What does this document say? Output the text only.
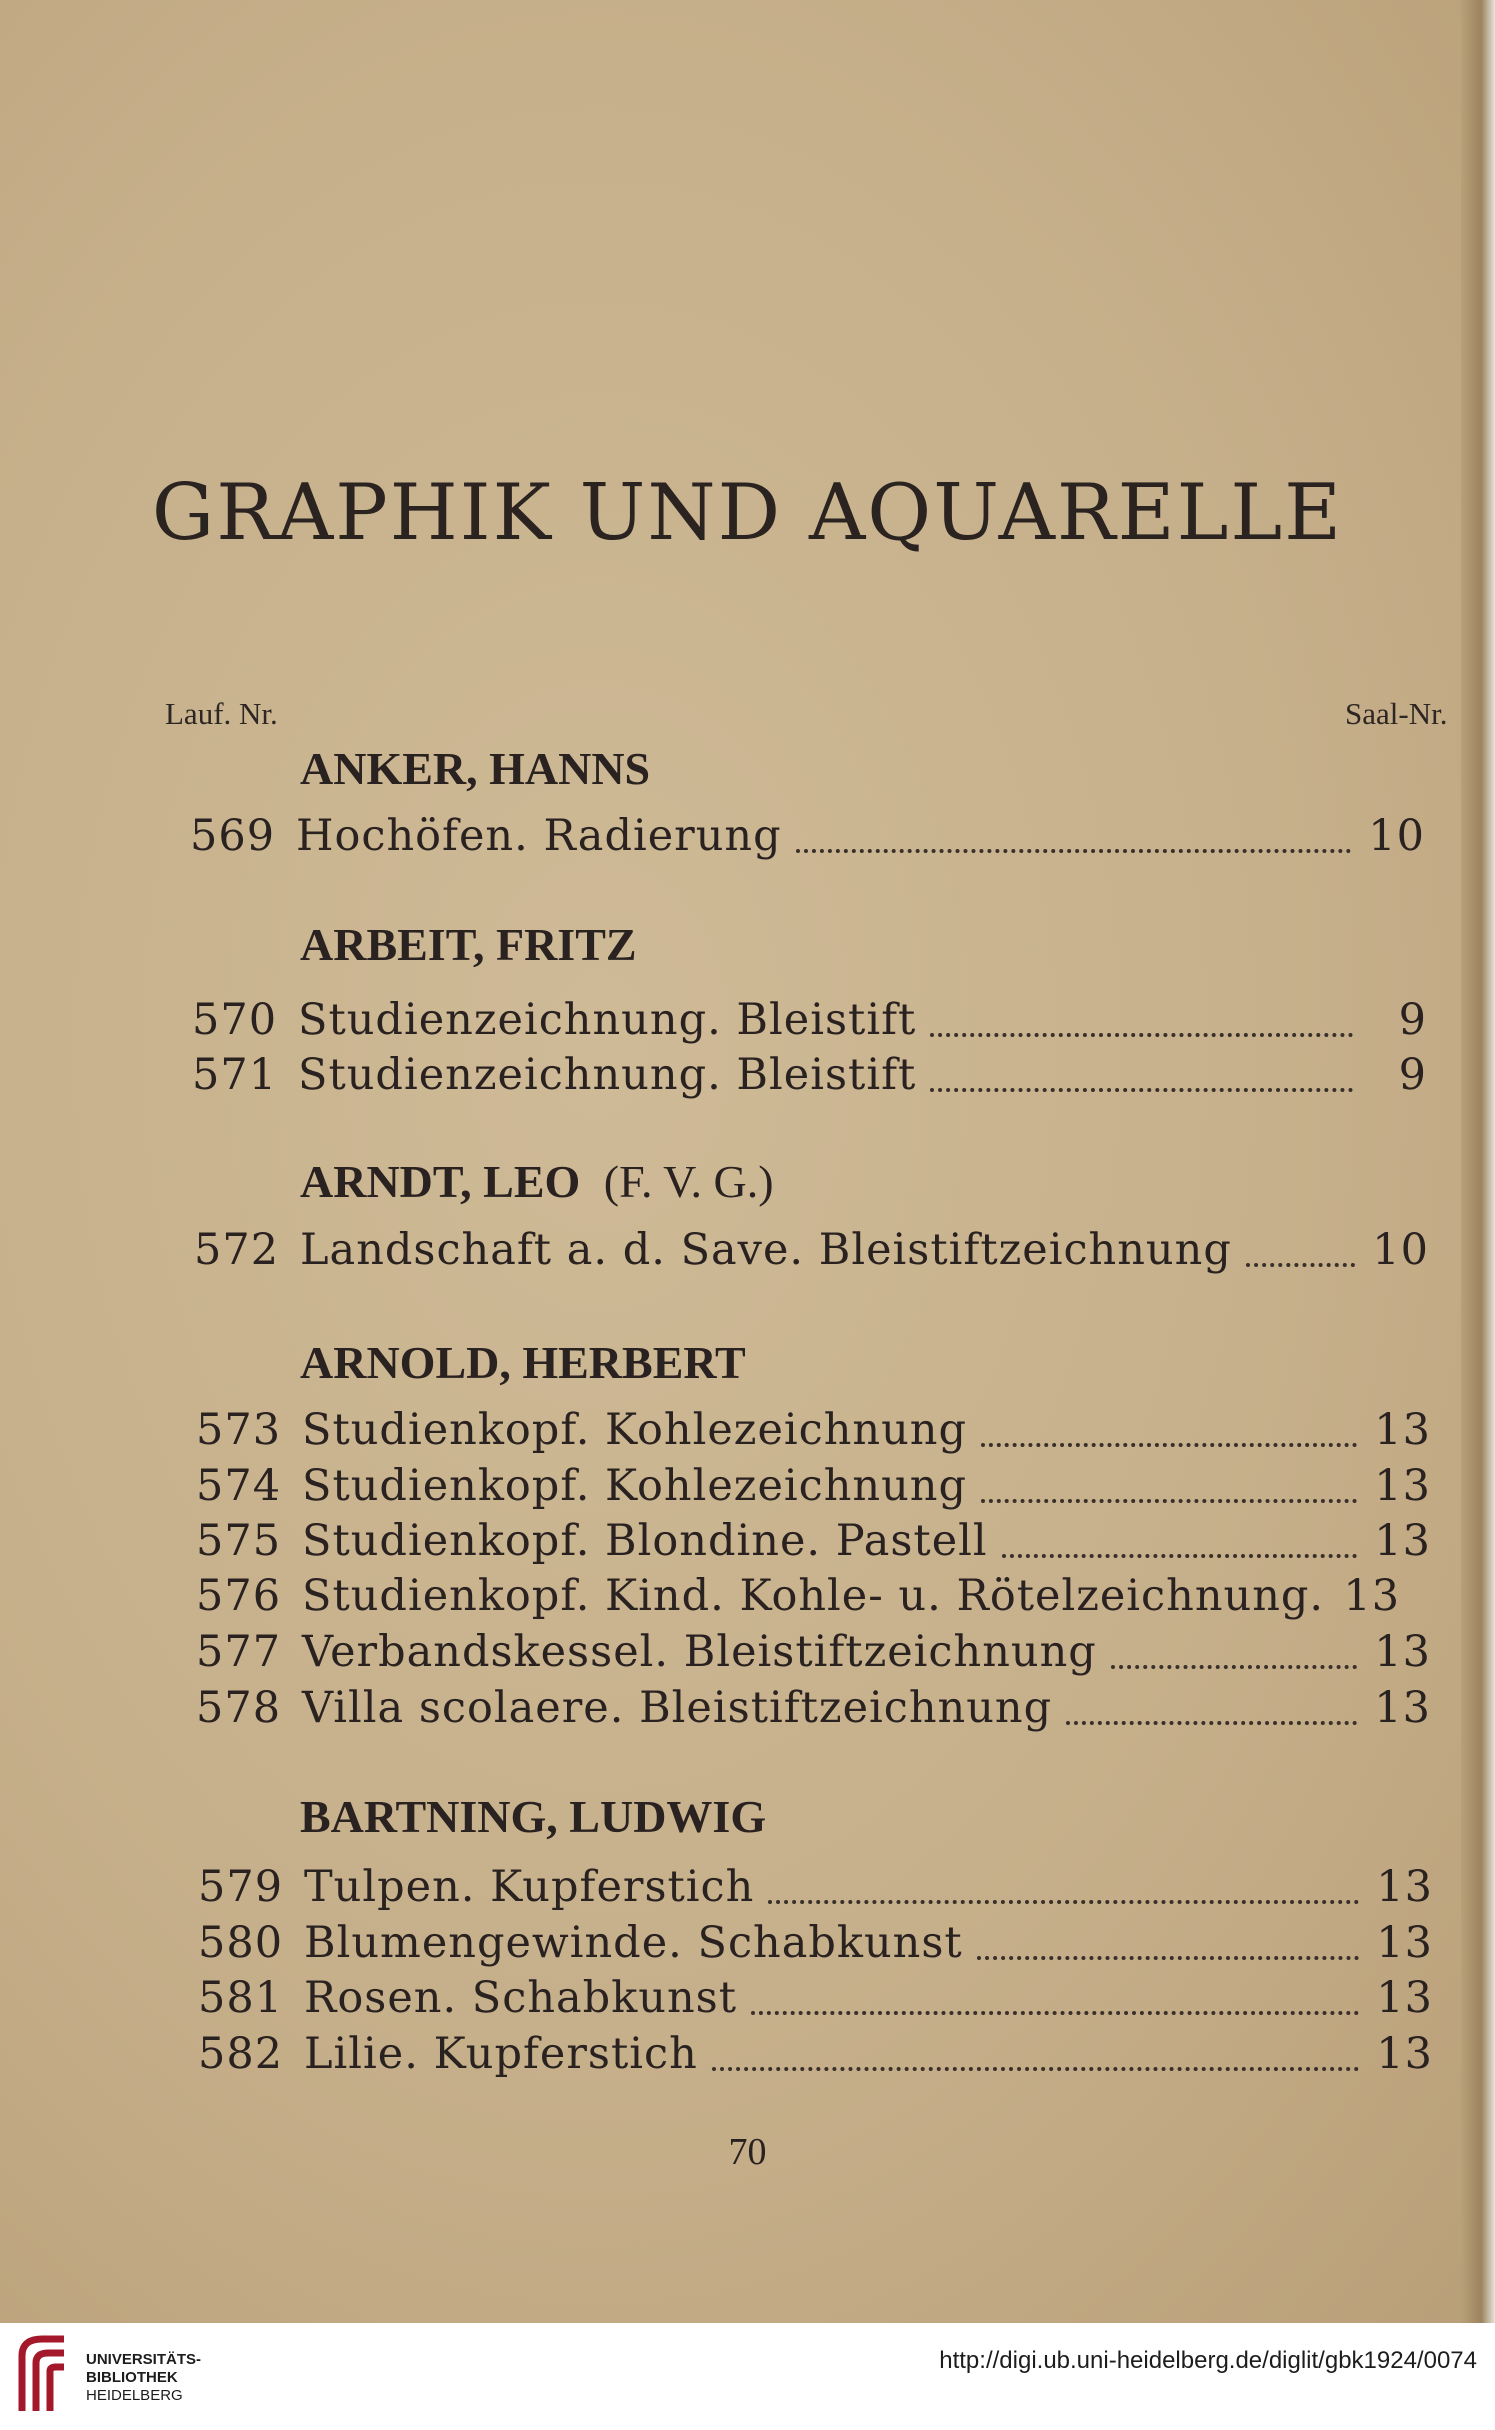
GRAPHIK UND AQUARELLE
Lauf. Nr.	Saal-Nr.
ANKER, HANNS
569 Hochöfen. Radierung	10
ARBEIT, FRITZ
570 Studienzeichnung. Bleistift	9
571 Studienzeichnung. Bleistift	9
ARNDT, LEO (F. V. G.)
572 Landschaft a. d. Save. Bleistiftzeichnung	10
ARNOLD, HERBERT
573 Studienkopf. Kohlezeichnung	13
574 Studienkopf. Kohlezeichnung	13
575 Studienkopf. Blondine. Pastell	13
576 Studienkopf. Kind. Kohle- u. Rötelzeichnung. 13
577 Verbandskessel. Bleistiftzeichnung	13
578 Villa scolaere. Bleistiftzeichnung	13
BARTNING, LUDWIG
579 Tulpen. Kupferstich	13
580 Blumengewinde. Schabkunst	13
581 Rosen. Schabkunst	13
582 Lilie. Kupferstich	13
70
UNIVERSITÄTS-
BIBLIOTHEK
HEIDELBERG
http://digi.ub.uni-heidelberg.de/diglit/gbk1924/0074
